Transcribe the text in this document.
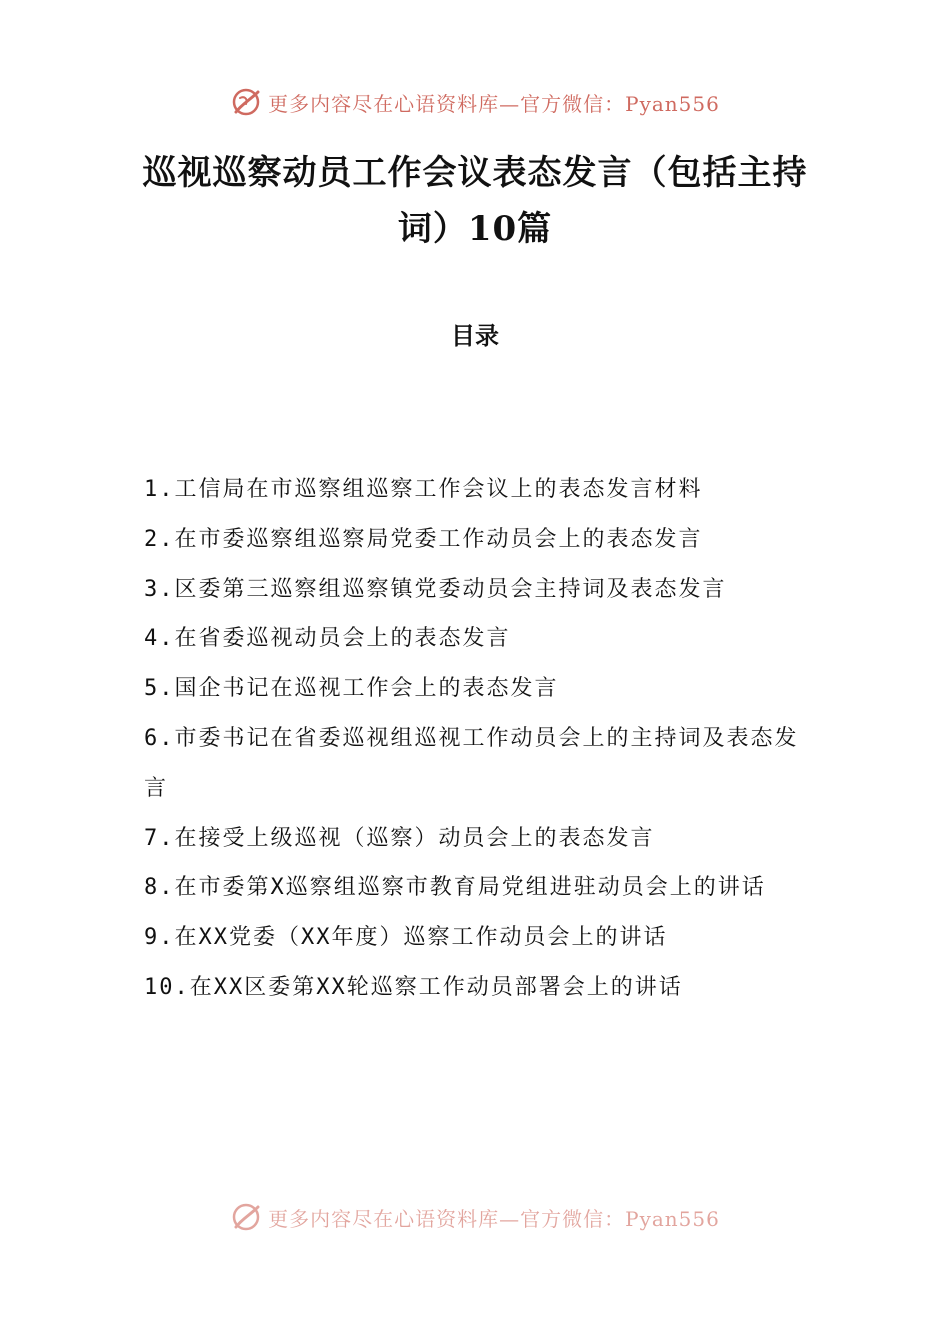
更多内容尽在心语资料库—官方微信：Pyan556
巡视巡察动员工作会议表态发言（包括主持词）10篇
目录
1.工信局在市巡察组巡察工作会议上的表态发言材料
2.在市委巡察组巡察局党委工作动员会上的表态发言
3.区委第三巡察组巡察镇党委动员会主持词及表态发言
4.在省委巡视动员会上的表态发言
5.国企书记在巡视工作会上的表态发言
6.市委书记在省委巡视组巡视工作动员会上的主持词及表态发言
7.在接受上级巡视（巡察）动员会上的表态发言
8.在市委第X巡察组巡察市教育局党组进驻动员会上的讲话
9.在XX党委（XX年度）巡察工作动员会上的讲话
10.在XX区委第XX轮巡察工作动员部署会上的讲话
更多内容尽在心语资料库—官方微信：Pyan556
